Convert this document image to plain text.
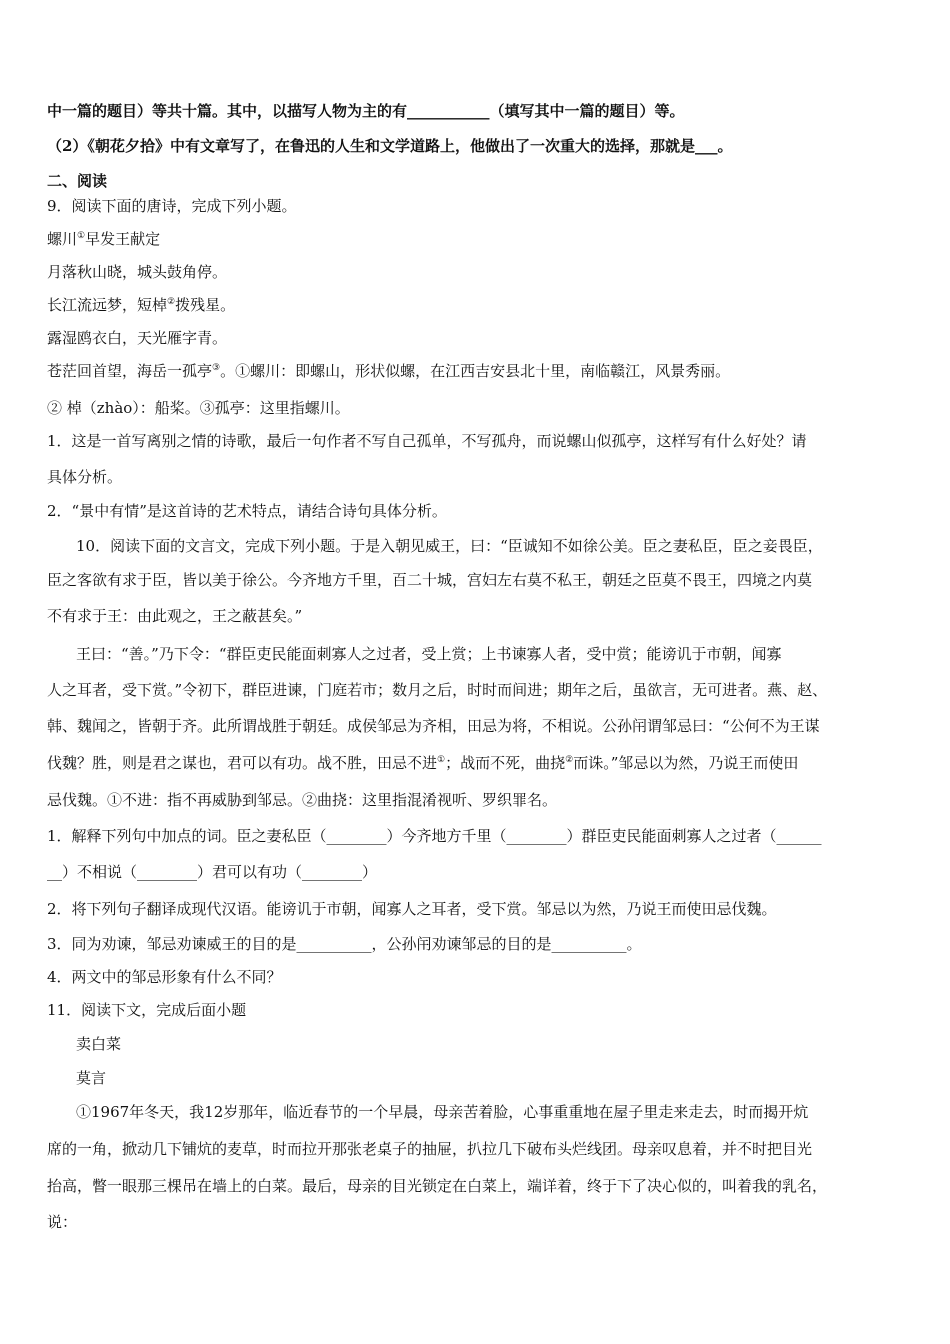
中一篇的题目）等共十篇。其中，以描写人物为主的有___________（填写其中一篇的题目）等。
（2）《朝花夕拾》中有文章写了，在鲁迅的人生和文学道路上，他做出了一次重大的选择，那就是___。
二、阅读
9．阅读下面的唐诗，完成下列小题。
螺川①早发王献定
月落秋山晓，城头鼓角停。
长江流远梦，短棹②拨残星。
露湿鸥衣白，天光雁字青。
苍茫回首望，海岳一孤亭③。①螺川：即螺山，形状似螺，在江西吉安县北十里，南临赣江，风景秀丽。
② 棹（zhào）：船桨。③孤亭：这里指螺川。
1．这是一首写离别之情的诗歌，最后一句作者不写自己孤单，不写孤舟，而说螺山似孤亭，这样写有什么好处？请
具体分析。
2．“景中有情”是这首诗的艺术特点，请结合诗句具体分析。
10．阅读下面的文言文，完成下列小题。于是入朝见威王，曰：“臣诚知不如徐公美。臣之妻私臣，臣之妾畏臣，
臣之客欲有求于臣，皆以美于徐公。今齐地方千里，百二十城，宫妇左右莫不私王，朝廷之臣莫不畏王，四境之内莫
不有求于王：由此观之，王之蔽甚矣。”
王曰：“善。”乃下令：“群臣吏民能面刺寡人之过者，受上赏；上书谏寡人者，受中赏；能谤讥于市朝，闻寡
人之耳者，受下赏。”令初下，群臣进谏，门庭若市；数月之后，时时而间进；期年之后，虽欲言，无可进者。燕、赵、
韩、魏闻之，皆朝于齐。此所谓战胜于朝廷。成侯邹忌为齐相，田忌为将，不相说。公孙闬谓邹忌曰：“公何不为王谋
伐魏？胜，则是君之谋也，君可以有功。战不胜，田忌不进①；战而不死，曲挠②而诛。”邹忌以为然，乃说王而使田
忌伐魏。①不进：指不再威胁到邹忌。②曲挠：这里指混淆视听、罗织罪名。
1．解释下列句中加点的词。臣之妻私臣（________）今齐地方千里（________）群臣吏民能面刺寡人之过者（______
__）不相说（________）君可以有功（________）
2．将下列句子翻译成现代汉语。能谤讥于市朝，闻寡人之耳者，受下赏。邹忌以为然，乃说王而使田忌伐魏。
3．同为劝谏，邹忌劝谏威王的目的是__________，公孙闬劝谏邹忌的目的是__________。
4．两文中的邹忌形象有什么不同？
11．阅读下文，完成后面小题
卖白菜
莫言
①1967年冬天，我12岁那年，临近春节的一个早晨，母亲苦着脸，心事重重地在屋子里走来走去，时而揭开炕
席的一角，掀动几下铺炕的麦草，时而拉开那张老桌子的抽屉，扒拉几下破布头烂线团。母亲叹息着，并不时把目光
抬高，瞥一眼那三棵吊在墙上的白菜。最后，母亲的目光锁定在白菜上，端详着，终于下了决心似的，叫着我的乳名，
说：
